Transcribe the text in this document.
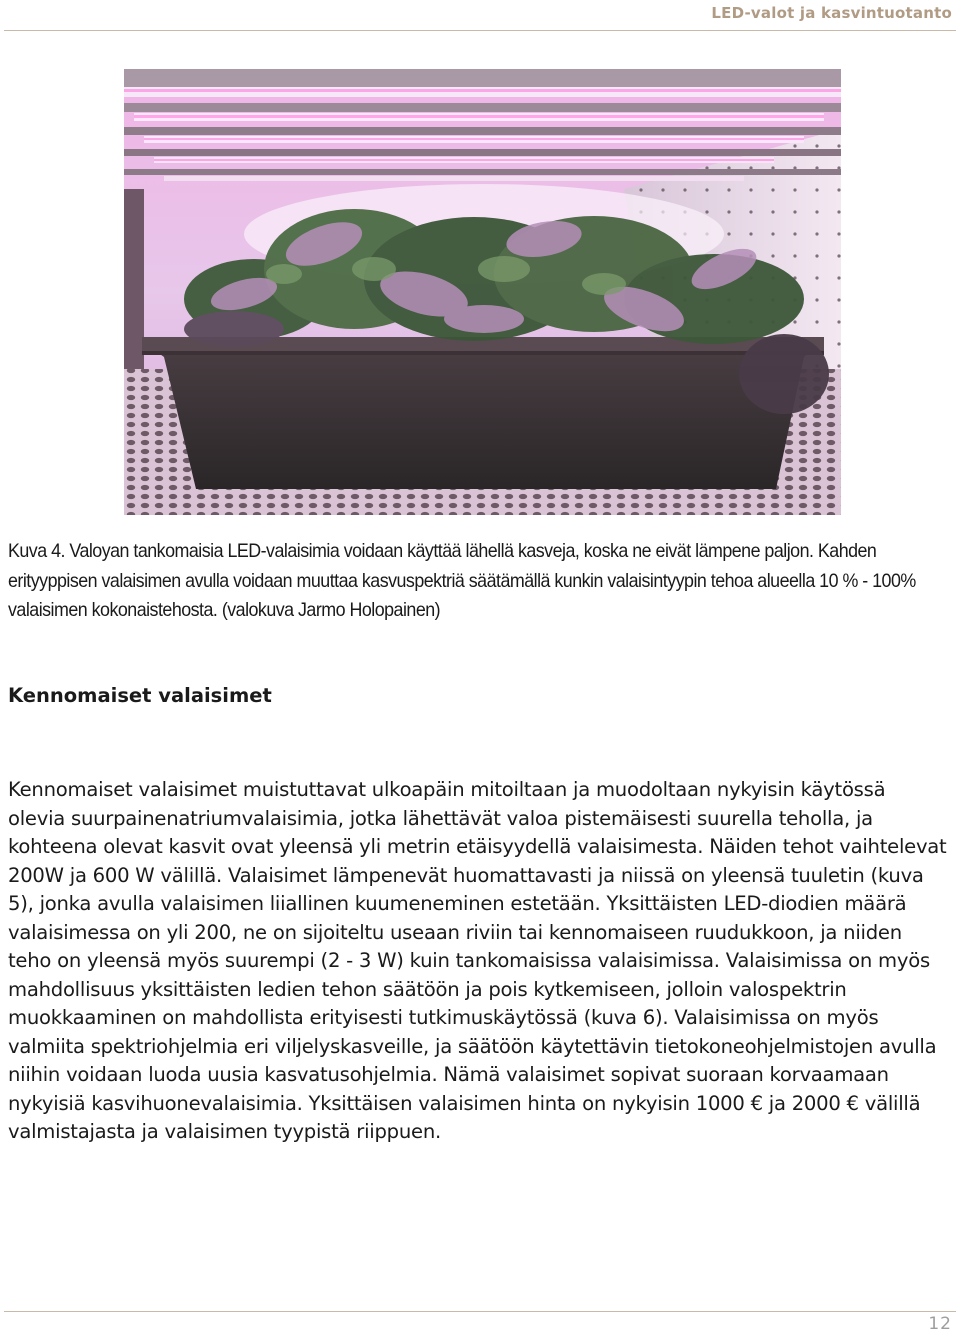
LED-valot ja kasvintuotanto
Kuva 4. Valoyan tankomaisia LED-valaisimia voidaan käyttää lähellä kasveja, koska ne eivät lämpene paljon. Kahden erityyppisen valaisimen avulla voidaan muuttaa kasvuspektriä säätämällä kunkin valaisintyypin tehoa alueella 10 % - 100% valaisimen kokonaistehosta. (valokuva Jarmo Holopainen)
Kennomaiset valaisimet

Kennomaiset valaisimet muistuttavat ulkoapäin mitoiltaan ja muodoltaan nykyisin käytössä olevia suurpainenatriumvalaisimia, jotka lähettävät valoa pistemäisesti suurella teholla, ja kohteena olevat kasvit ovat yleensä yli metrin etäisyydellä valaisimesta. Näiden tehot vaihtelevat 200W ja 600 W välillä. Valaisimet lämpenevät huomattavasti ja niissä on yleensä tuuletin (kuva 5), jonka avulla valaisimen liiallinen kuumeneminen estetään. Yksittäisten LED-diodien määrä valaisimessa on yli 200, ne on sijoiteltu useaan riviin tai kennomaiseen ruudukkoon, ja niiden teho on yleensä myös suurempi (2 - 3 W) kuin tankomaisissa valaisimissa. Valaisimissa on myös mahdollisuus yksittäisten ledien tehon säätöön ja pois kytkemiseen, jolloin valospektrin muokkaaminen on mahdollista erityisesti tutkimuskäytössä (kuva 6). Valaisimissa on myös valmiita spektriohjelmia eri viljelyskasveille, ja säätöön käytettävin tietokoneohjelmistojen avulla niihin voidaan luoda uusia kasvatusohjelmia. Nämä valaisimet sopivat suoraan korvaamaan nykyisiä kasvihuonevalaisimia. Yksittäisen valaisimen hinta on nykyisin 1000 € ja 2000 € välillä valmistajasta ja valaisimen tyypistä riippuen.

12
